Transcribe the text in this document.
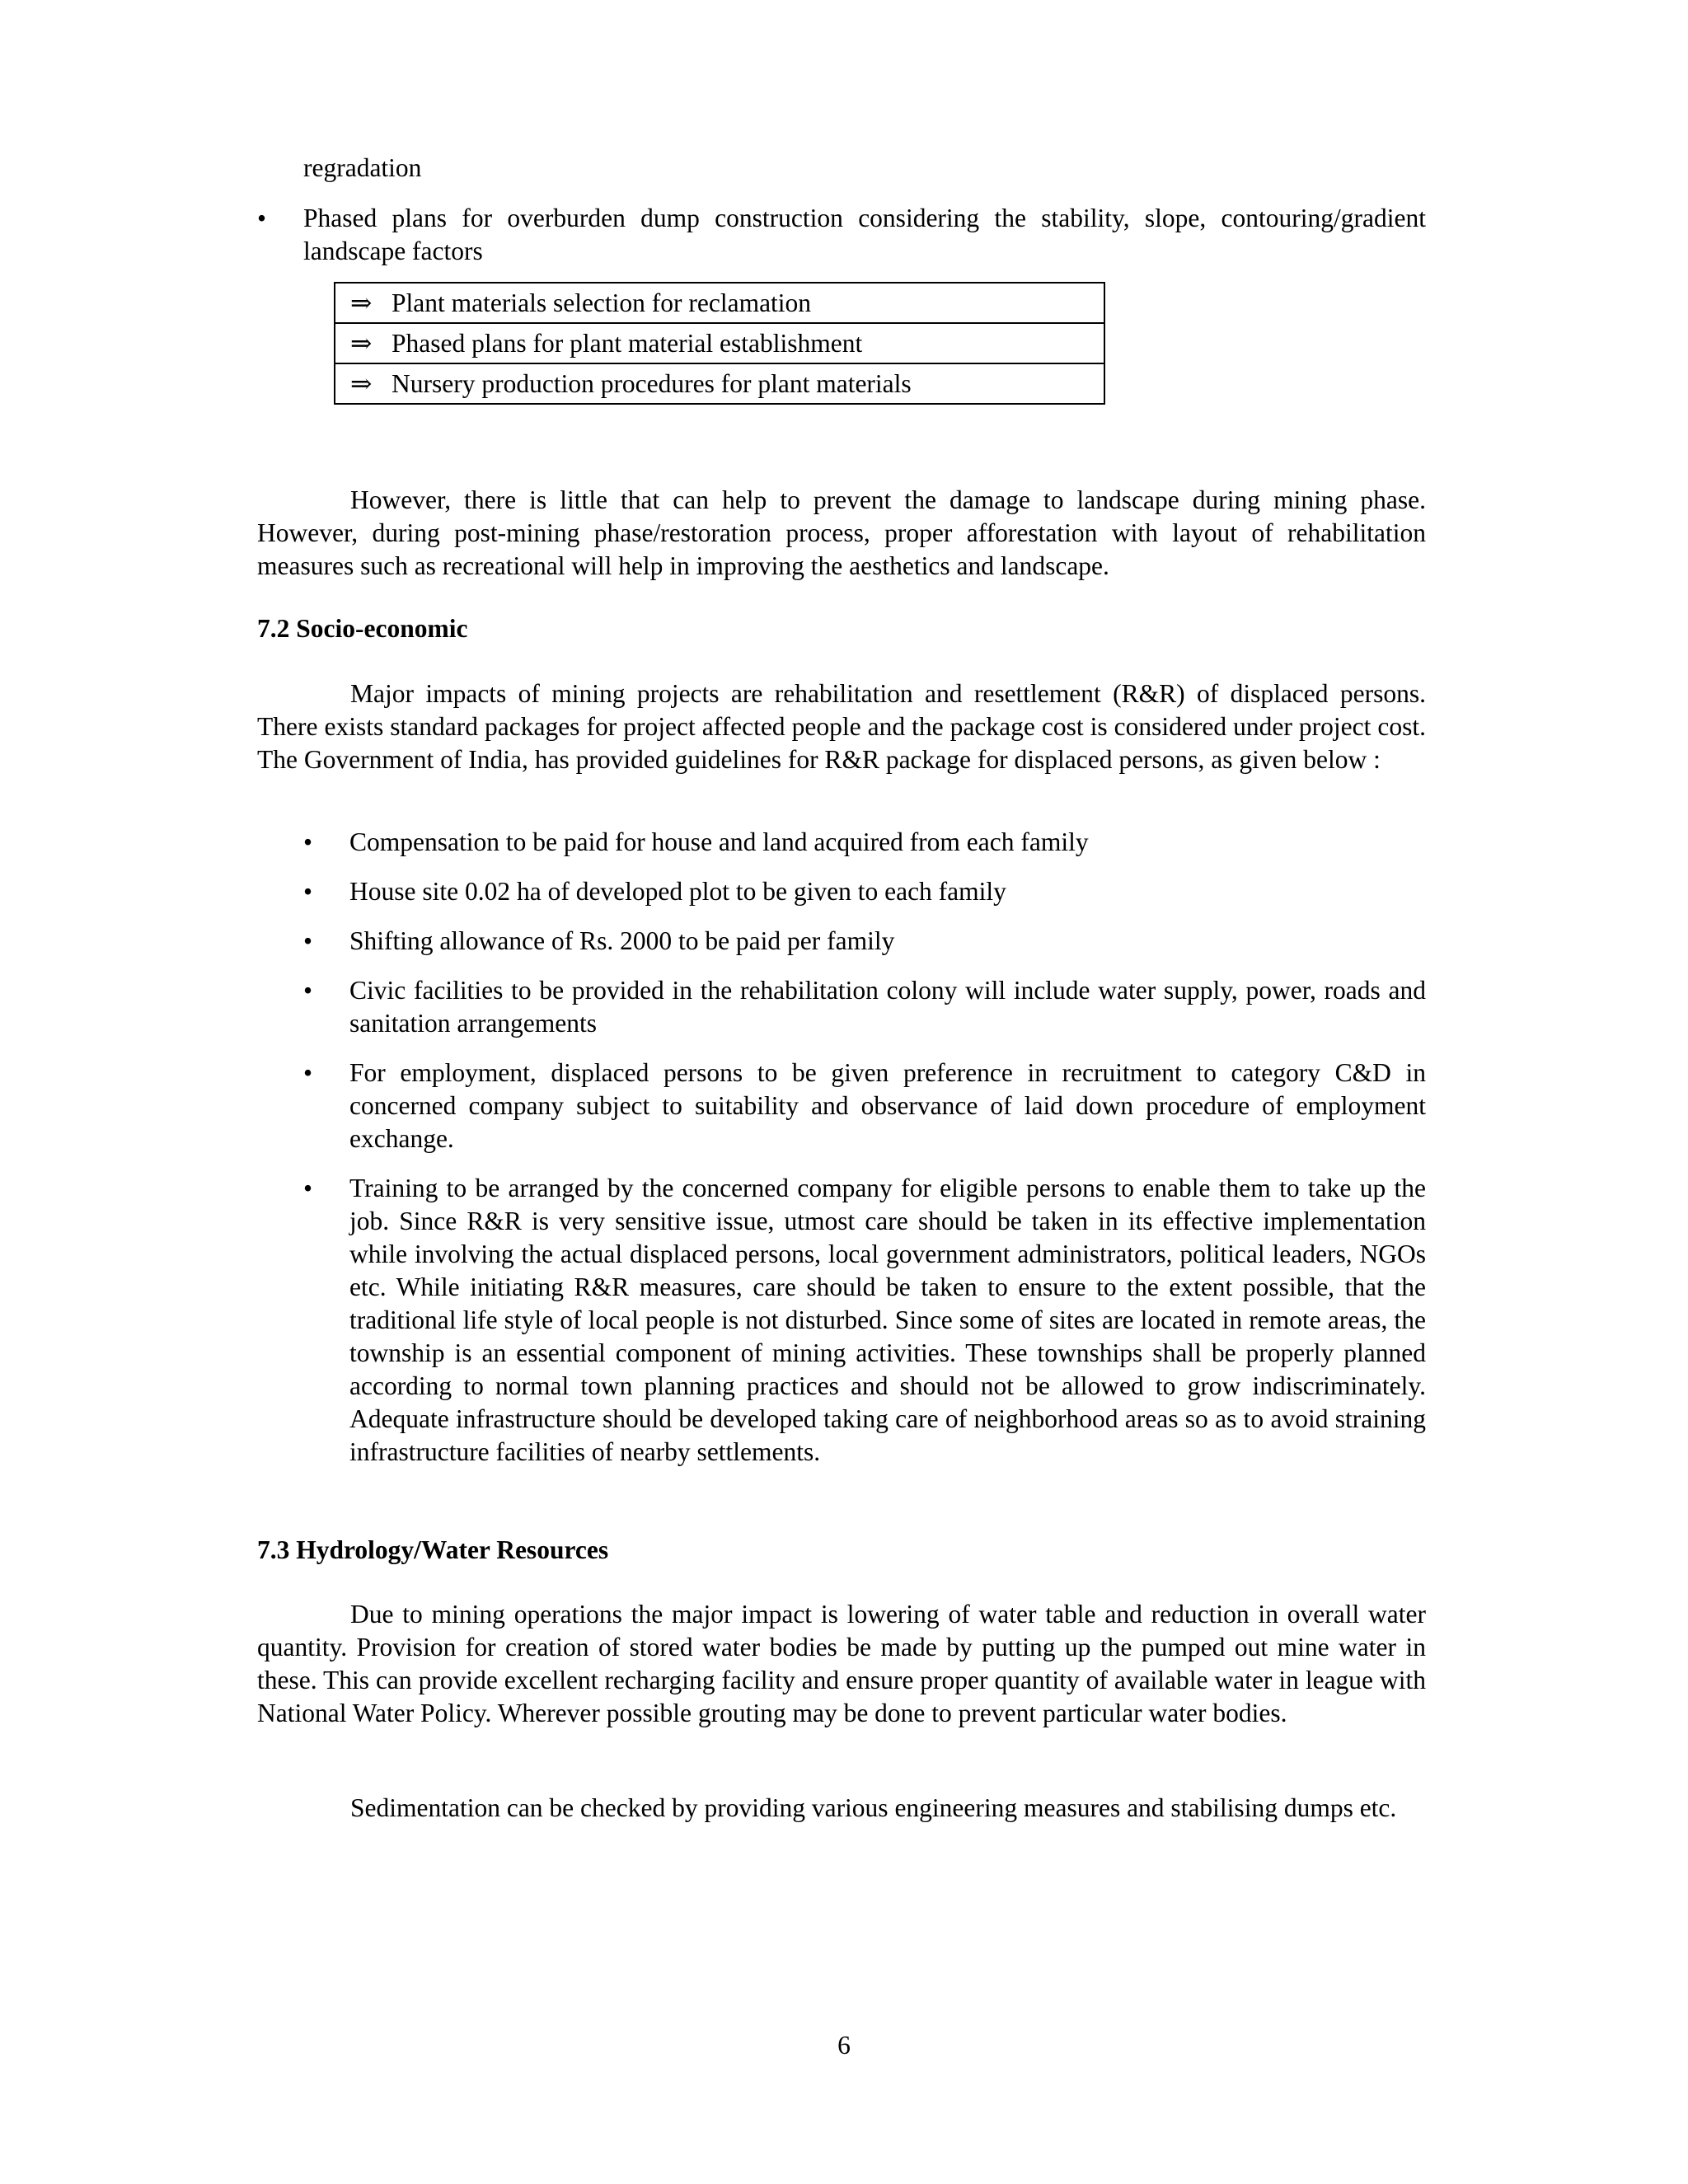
regradation

• Phased plans for overburden dump construction considering the stability, slope, contouring/gradient landscape factors
⇒ Plant materials selection for reclamation
⇒ Phased plans for plant material establishment
⇒ Nursery production procedures for plant materials

However, there is little that can help to prevent the damage to landscape during mining phase. However, during post-mining phase/restoration process, proper afforestation with layout of rehabilitation measures such as recreational will help in improving the aesthetics and landscape.

7.2 Socio-economic

Major impacts of mining projects are rehabilitation and resettlement (R&R) of displaced persons. There exists standard packages for project affected people and the package cost is considered under project cost. The Government of India, has provided guidelines for R&R package for displaced persons, as given below :

• Compensation to be paid for house and land acquired from each family
• House site 0.02 ha of developed plot to be given to each family
• Shifting allowance of Rs. 2000 to be paid per family
• Civic facilities to be provided in the rehabilitation colony will include water supply, power, roads and sanitation arrangements
• For employment, displaced persons to be given preference in recruitment to category C&D in concerned company subject to suitability and observance of laid down procedure of employment exchange.
• Training to be arranged by the concerned company for eligible persons to enable them to take up the job. Since R&R is very sensitive issue, utmost care should be taken in its effective implementation while involving the actual displaced persons, local government administrators, political leaders, NGOs etc. While initiating R&R measures, care should be taken to ensure to the extent possible, that the traditional life style of local people is not disturbed. Since some of sites are located in remote areas, the township is an essential component of mining activities. These townships shall be properly planned according to normal town planning practices and should not be allowed to grow indiscriminately. Adequate infrastructure should be developed taking care of neighborhood areas so as to avoid straining infrastructure facilities of nearby settlements.
7.3 Hydrology/Water Resources

Due to mining operations the major impact is lowering of water table and reduction in overall water quantity. Provision for creation of stored water bodies be made by putting up the pumped out mine water in these. This can provide excellent recharging facility and ensure proper quantity of available water in league with National Water Policy. Wherever possible grouting may be done to prevent particular water bodies.

Sedimentation can be checked by providing various engineering measures and stabilising dumps etc.

6
